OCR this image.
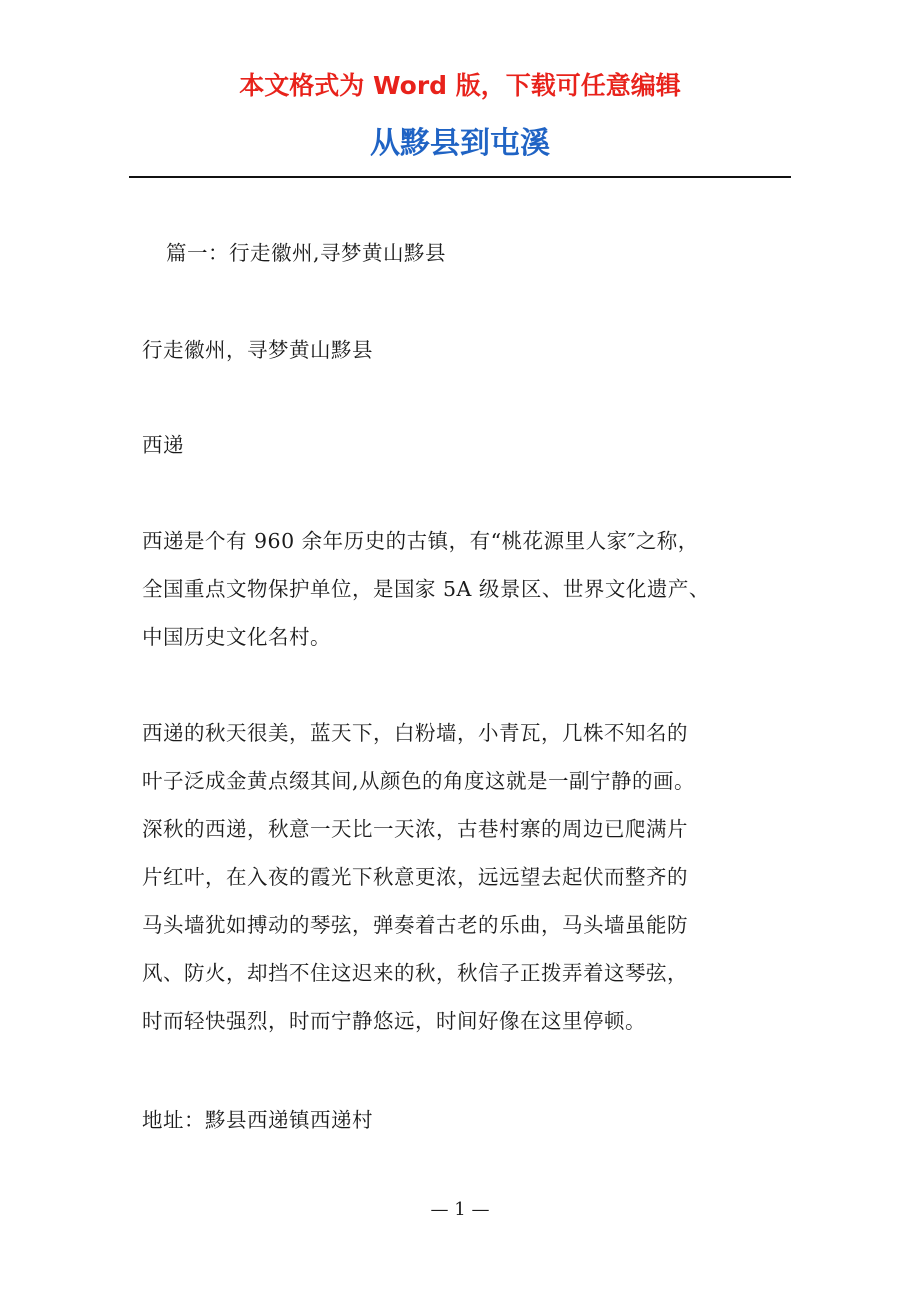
本文格式为 Word 版，下载可任意编辑
从黟县到屯溪
篇一：行走徽州,寻梦黄山黟县
行走徽州，寻梦黄山黟县
西递
西递是个有 960 余年历史的古镇，有“桃花源里人家″之称，
全国重点文物保护单位，是国家 5A 级景区、世界文化遗产、
中国历史文化名村。
西递的秋天很美，蓝天下，白粉墙，小青瓦，几株不知名的
叶子泛成金黄点缀其间,从颜色的角度这就是一副宁静的画。
深秋的西递，秋意一天比一天浓，古巷村寨的周边已爬满片
片红叶，在入夜的霞光下秋意更浓，远远望去起伏而整齐的
马头墙犹如搏动的琴弦，弹奏着古老的乐曲，马头墙虽能防
风、防火，却挡不住这迟来的秋，秋信子正拨弄着这琴弦，
时而轻快强烈，时而宁静悠远，时间好像在这里停顿。
地址：黟县西递镇西递村
— 1 —
